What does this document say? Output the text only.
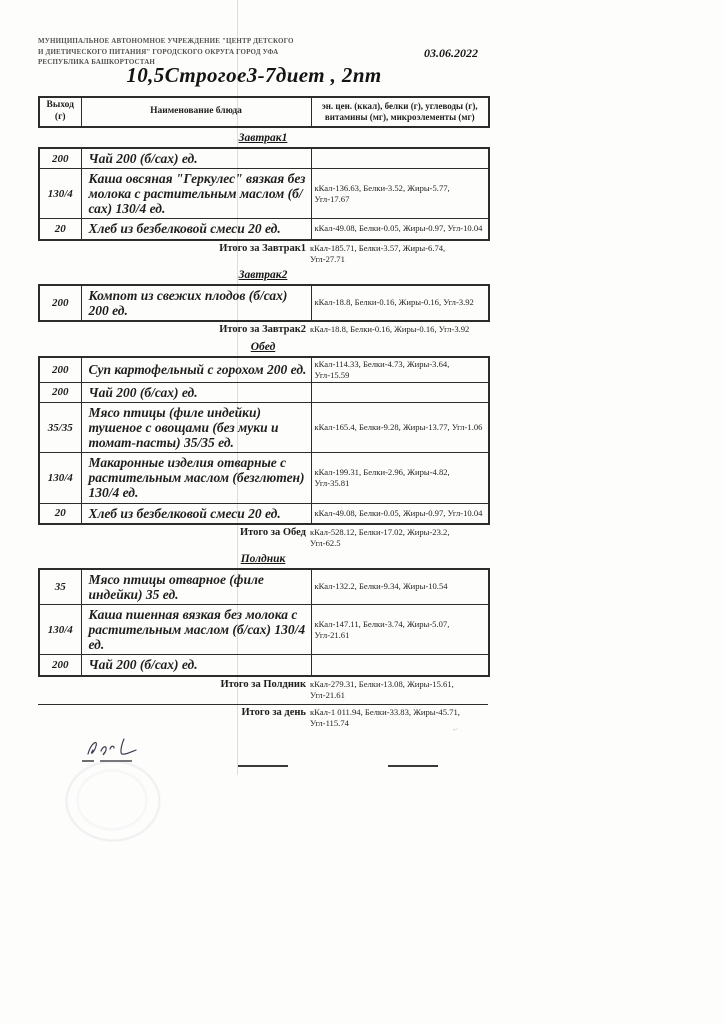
МУНИЦИПАЛЬНОЕ АВТОНОМНОЕ УЧРЕЖДЕНИЕ "ЦЕНТР ДЕТСКОГО И ДИЕТИЧЕСКОГО ПИТАНИЯ" ГОРОДСКОГО ОКРУГА ГОРОД УФА РЕСПУБЛИКА БАШКОРТОСТАН
03.06.2022
10,5Строгое3-7диет , 2пт
Выход (г)	Наименование блюда	эн. цен. (ккал), белки (г), углеводы (г), витамины (мг), микроэлементы (мг)
Завтрак1
200	Чай 200 (б/сах) ед.	
130/4	Каша овсяная "Геркулес" вязкая без молока с растительным маслом (б/сах) 130/4 ед.	кКал-136.63, Белки-3.52, Жиры-5.77, Угл-17.67
20	Хлеб из безбелковой смеси 20 ед.	кКал-49.08, Белки-0.05, Жиры-0.97, Угл-10.04
Итого за Завтрак1 кКал-185.71, Белки-3.57, Жиры-6.74, Угл-27.71
Завтрак2
200	Компот из свежих плодов (б/сах) 200 ед.	кКал-18.8, Белки-0.16, Жиры-0.16, Угл-3.92
Итого за Завтрак2 кКал-18.8, Белки-0.16, Жиры-0.16, Угл-3.92
Обед
200	Суп картофельный с горохом 200 ед.	кКал-114.33, Белки-4.73, Жиры-3.64, Угл-15.59
200	Чай 200 (б/сах) ед.	
35/35	Мясо птицы (филе индейки) тушеное с овощами (без муки и томат-пасты) 35/35 ед.	кКал-165.4, Белки-9.28, Жиры-13.77, Угл-1.06
130/4	Макаронные изделия отварные с растительным маслом (безглютен) 130/4 ед.	кКал-199.31, Белки-2.96, Жиры-4.82, Угл-35.81
20	Хлеб из безбелковой смеси 20 ед.	кКал-49.08, Белки-0.05, Жиры-0.97, Угл-10.04
Итого за Обед кКал-528.12, Белки-17.02, Жиры-23.2, Угл-62.5
Полдник
35	Мясо птицы отварное (филе индейки) 35 ед.	кКал-132.2, Белки-9.34, Жиры-10.54
130/4	Каша пшенная вязкая без молока с растительным маслом (б/сах) 130/4 ед.	кКал-147.11, Белки-3.74, Жиры-5.07, Угл-21.61
200	Чай 200 (б/сах) ед.	
Итого за Полдник кКал-279.31, Белки-13.08, Жиры-15.61, Угл-21.61
Итого за день кКал-1 011.94, Белки-33.83, Жиры-45.71, Угл-115.74
-·
